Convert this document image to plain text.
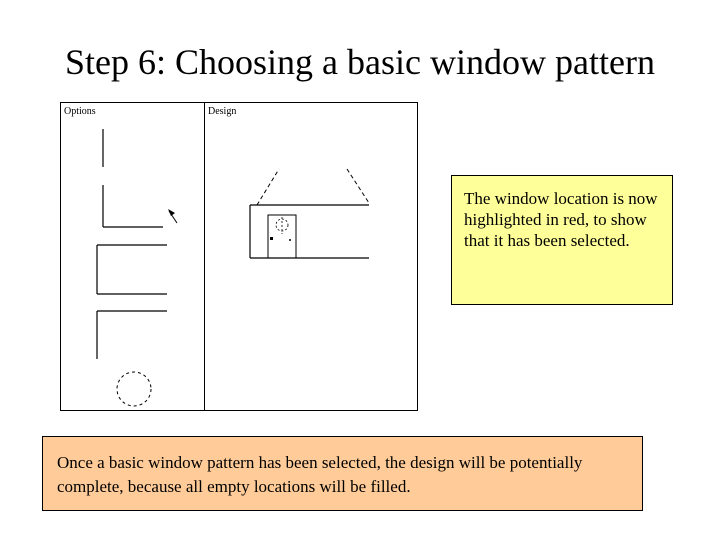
Step 6: Choosing a basic window pattern
Options	Design
The window location is now highlighted in red, to show that it has been selected.
Once a basic window pattern has been selected, the design will be potentially complete, because all empty locations will be filled.
